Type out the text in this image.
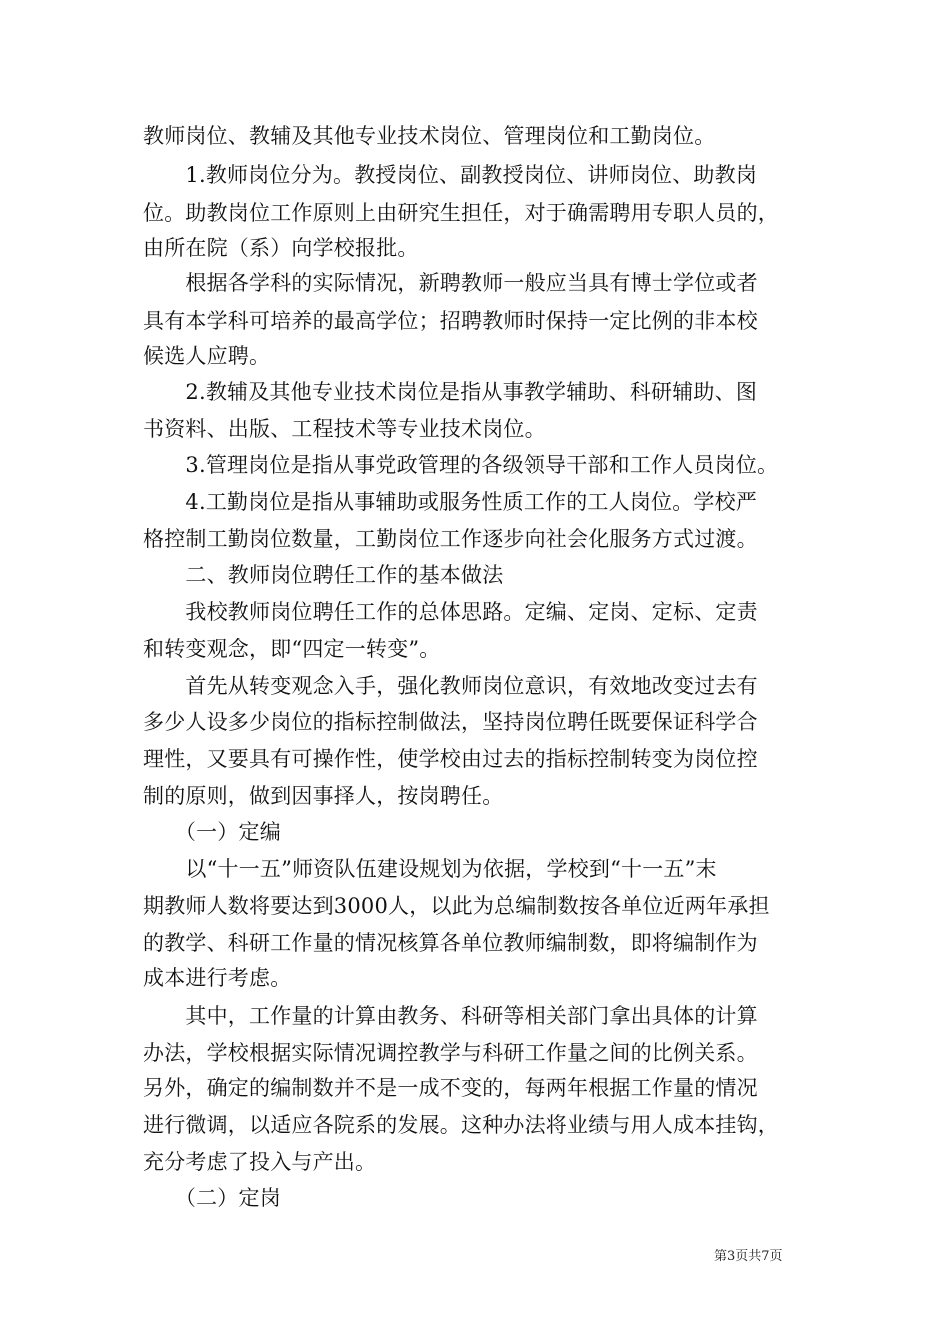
教师岗位、教辅及其他专业技术岗位、管理岗位和工勤岗位。
　　1.教师岗位分为。教授岗位、副教授岗位、讲师岗位、助教岗
位。助教岗位工作原则上由研究生担任，对于确需聘用专职人员的，
由所在院（系）向学校报批。
　　根据各学科的实际情况，新聘教师一般应当具有博士学位或者
具有本学科可培养的最高学位；招聘教师时保持一定比例的非本校
候选人应聘。
　　2.教辅及其他专业技术岗位是指从事教学辅助、科研辅助、图
书资料、出版、工程技术等专业技术岗位。
　　3.管理岗位是指从事党政管理的各级领导干部和工作人员岗位。
　　4.工勤岗位是指从事辅助或服务性质工作的工人岗位。学校严
格控制工勤岗位数量，工勤岗位工作逐步向社会化服务方式过渡。
　　二、教师岗位聘任工作的基本做法
　　我校教师岗位聘任工作的总体思路。定编、定岗、定标、定责
和转变观念，即“四定一转变”。
　　首先从转变观念入手，强化教师岗位意识，有效地改变过去有
多少人设多少岗位的指标控制做法，坚持岗位聘任既要保证科学合
理性，又要具有可操作性，使学校由过去的指标控制转变为岗位控
制的原则，做到因事择人，按岗聘任。
　　（一）定编
　　以“十一五”师资队伍建设规划为依据，学校到“十一五”末
期教师人数将要达到3000人，以此为总编制数按各单位近两年承担
的教学、科研工作量的情况核算各单位教师编制数，即将编制作为
成本进行考虑。
　　其中，工作量的计算由教务、科研等相关部门拿出具体的计算
办法，学校根据实际情况调控教学与科研工作量之间的比例关系。
另外，确定的编制数并不是一成不变的，每两年根据工作量的情况
进行微调，以适应各院系的发展。这种办法将业绩与用人成本挂钩，
充分考虑了投入与产出。
　　（二）定岗
第3页共7页
